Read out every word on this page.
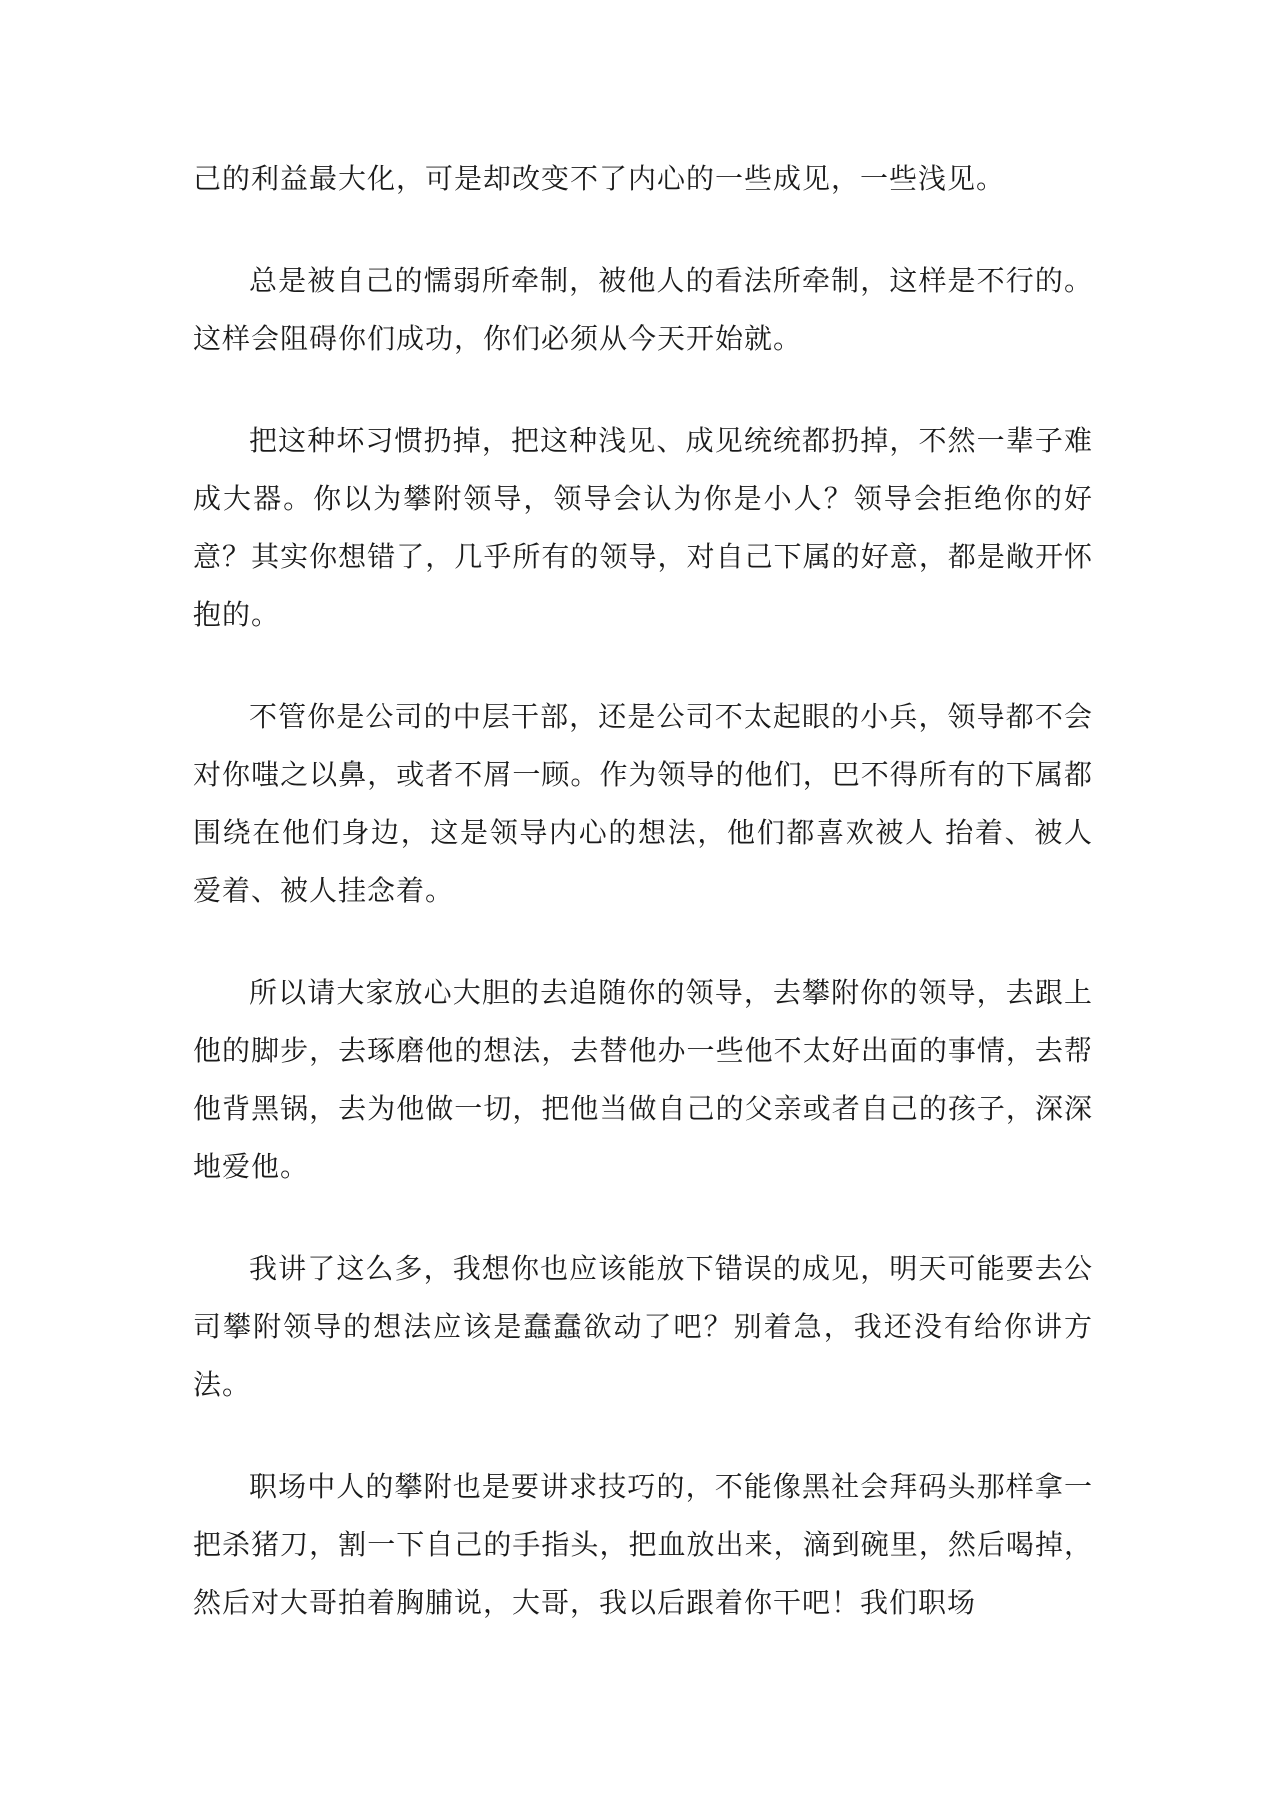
己的利益最大化，可是却改变不了内心的一些成见，一些浅见。

总是被自己的懦弱所牵制，被他人的看法所牵制，这样是不行的。这样会阻碍你们成功，你们必须从今天开始就。

把这种坏习惯扔掉，把这种浅见、成见统统都扔掉，不然一辈子难成大器。你以为攀附领导，领导会认为你是小人？领导会拒绝你的好意？其实你想错了，几乎所有的领导，对自己下属的好意，都是敞开怀抱的。

不管你是公司的中层干部，还是公司不太起眼的小兵，领导都不会对你嗤之以鼻，或者不屑一顾。作为领导的他们，巴不得所有的下属都围绕在他们身边，这是领导内心的想法，他们都喜欢被人 抬着、被人爱着、被人挂念着。

所以请大家放心大胆的去追随你的领导，去攀附你的领导，去跟上他的脚步，去琢磨他的想法，去替他办一些他不太好出面的事情，去帮他背黑锅，去为他做一切，把他当做自己的父亲或者自己的孩子，深深地爱他。

我讲了这么多，我想你也应该能放下错误的成见，明天可能要去公司攀附领导的想法应该是蠢蠢欲动了吧？别着急，我还没有给你讲方法。

职场中人的攀附也是要讲求技巧的，不能像黑社会拜码头那样拿一把杀猪刀，割一下自己的手指头，把血放出来，滴到碗里，然后喝掉，然后对大哥拍着胸脯说，大哥，我以后跟着你干吧！我们职场
